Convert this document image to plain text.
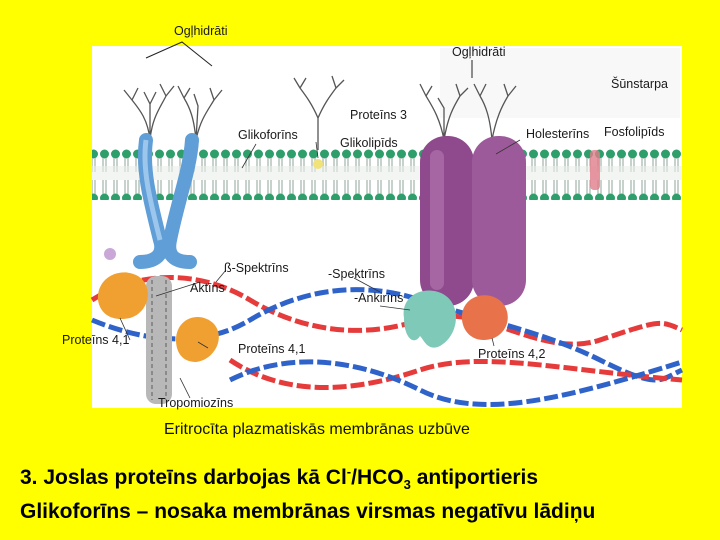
Ogļhidrāti
Ogļhidrāti
Šūnstarpa
Proteīns 3
Glikoforīns
Glikolipīds
Holesterīns Fosfolipīds
ß-Spektrīns
Aktīns
-Spektrīns
-Ankirīns
Proteīns 4,1
Proteīns 4,1	Proteīns 4,2
Tropomiozīns
Eritrocīta plazmatiskās membrānas uzbūve

3. Joslas proteīns darbojas kā $Cl^-/HCO_3$ antiportieris

Glikoforīns – nosaka membrānas virsmas negatīvu lādiņu
